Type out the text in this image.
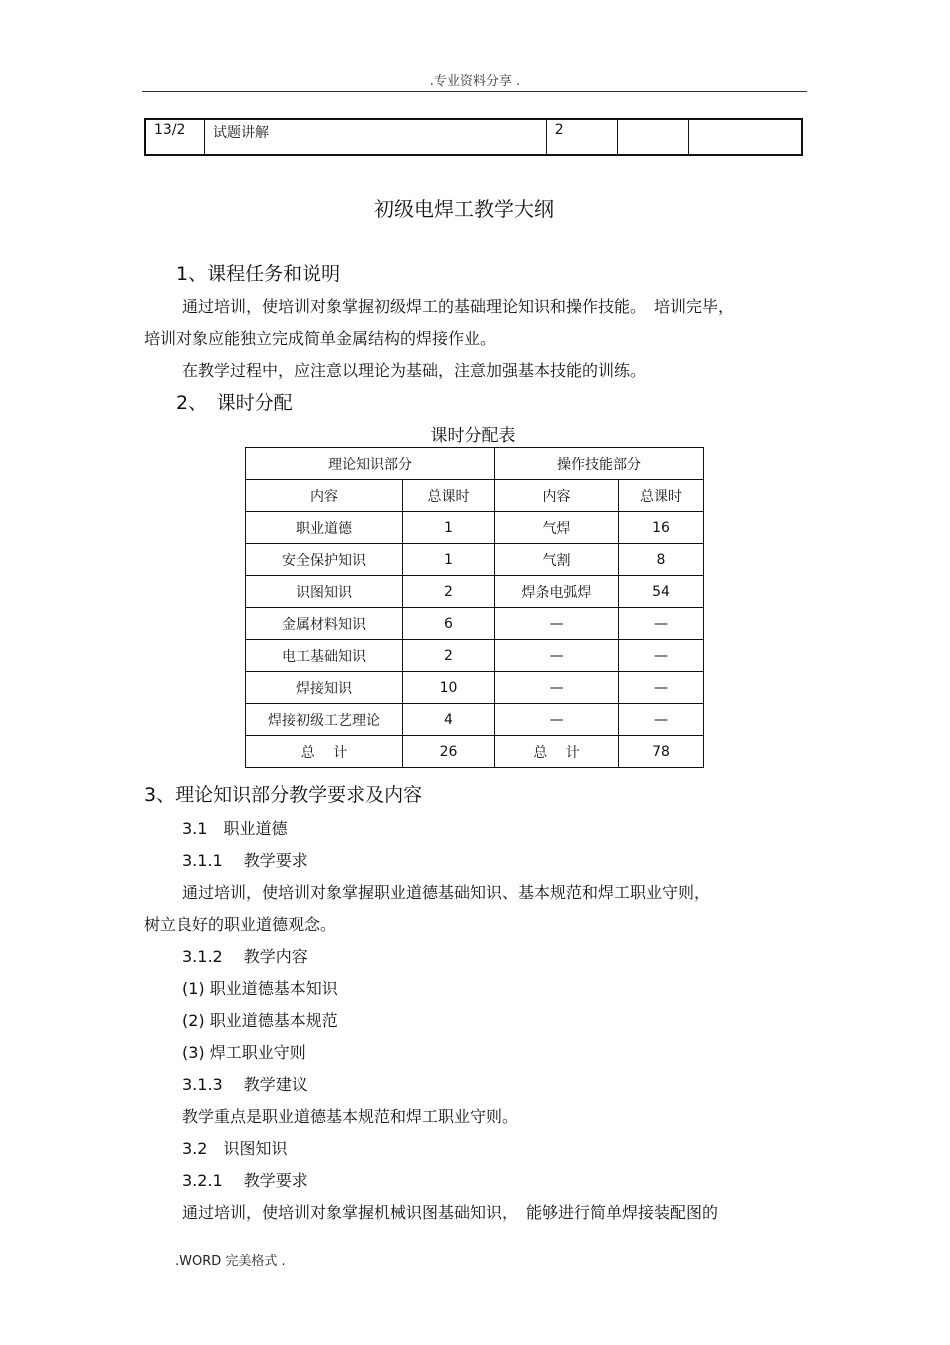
.专业资料分享 .
13/2	试题讲解	2		
初级电焊工教学大纲
1、课程任务和说明
通过培训，使培训对象掌握初级焊工的基础理论知识和操作技能。　培训完毕，
培训对象应能独立完成简单金属结构的焊接作业。
在教学过程中，应注意以理论为基础，注意加强基本技能的训练。
2、　课时分配
课时分配表
理论知识部分		操作技能部分	
内容	总课时	内容	总课时
职业道德	1	气焊	16
安全保护知识	1	气割	8
识图知识	2	焊条电弧焊	54
金属材料知识	6	—	—
电工基础知识	2	—	—
焊接知识	10	—	—
焊接初级工艺理论	4	—	—
总　 计	26	总　 计	78
3、理论知识部分教学要求及内容
3.1　职业道德
3.1.1　 教学要求
通过培训，使培训对象掌握职业道德基础知识、基本规范和焊工职业守则，
树立良好的职业道德观念。
3.1.2　 教学内容
(1) 职业道德基本知识
(2) 职业道德基本规范
(3) 焊工职业守则
3.1.3　 教学建议
教学重点是职业道德基本规范和焊工职业守则。
3.2　识图知识
3.2.1　 教学要求
通过培训，使培训对象掌握机械识图基础知识，　能够进行简单焊接装配图的
.WORD 完美格式 .
